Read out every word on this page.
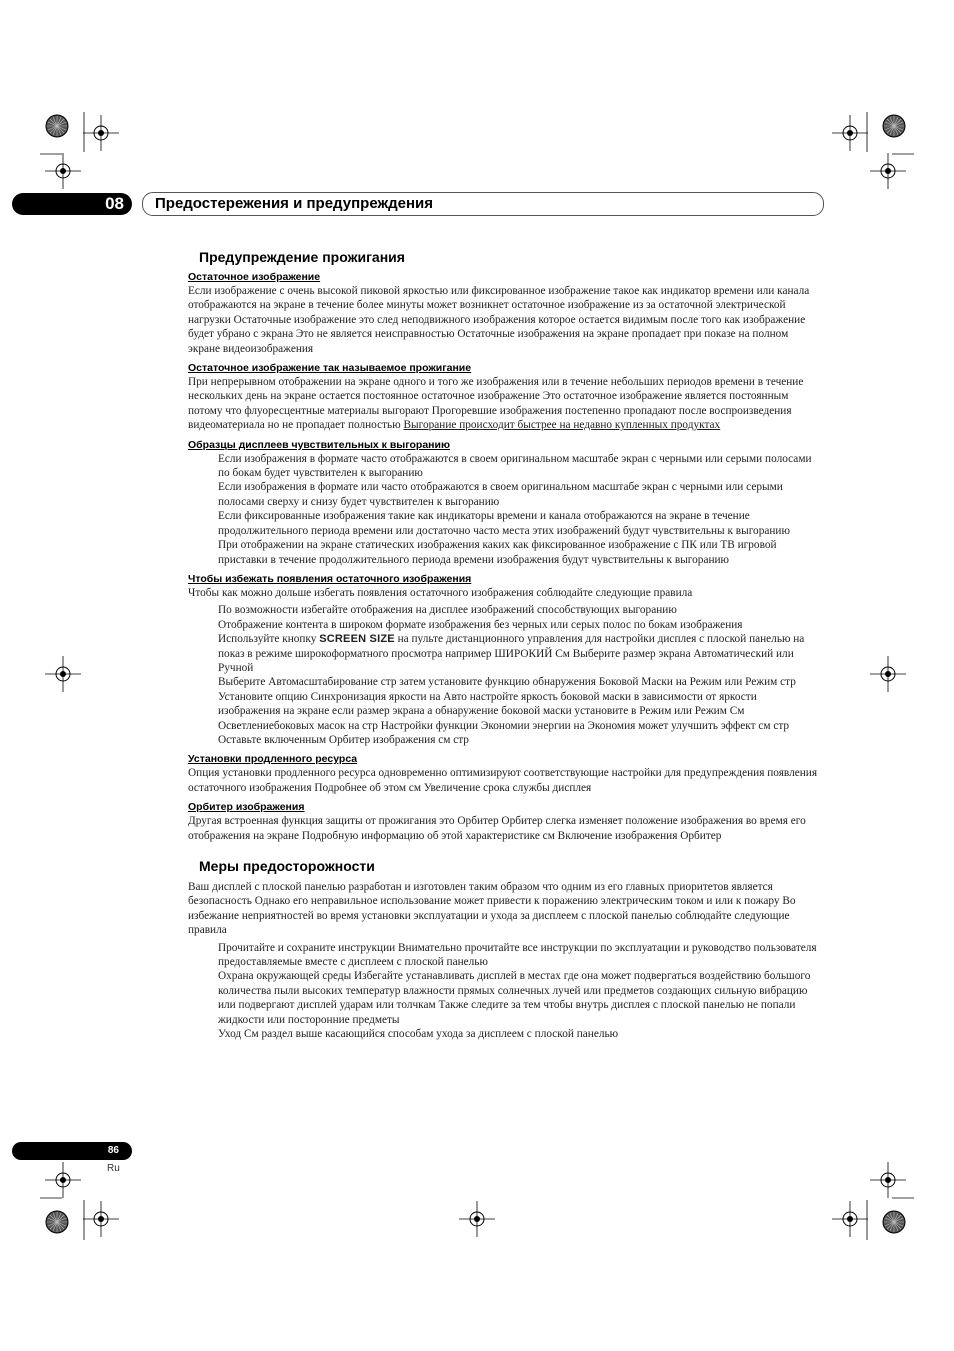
08	Предостережения и предупреждения
Предупреждение прожигания
Остаточное изображение

Если изображение с очень высокой пиковой яркостью или фиксированное изображение такое как индикатор времени или канала отображаются на экране в течение более минуты может возникнет остаточное изображение из за остаточной электрической нагрузки Остаточные изображение это след неподвижного изображения которое остается видимым после того как изображение будет убрано с экрана Это не является неисправностью Остаточные изображения на экране пропадает при показе на полном экране видеоизображения

Остаточное изображение так называемое прожигание

При непрерывном отображении на экране одного и того же изображения или в течение небольших периодов времени в течение нескольких день на экране остается постоянное остаточное изображение Это остаточное изображение является постоянным потому что флуоресцентные материалы выгорают Прогоревшие изображения постепенно пропадают после воспроизведения видеоматериала но не пропадает полностью Выгорание происходит быстрее на недавно купленных продуктах

Образцы дисплеев чувствительных к выгоранию

Если изображения в формате часто отображаются в своем оригинальном масштабе экран с черными или серыми полосами по бокам будет чувствителен к выгоранию

Если изображения в формате или часто отображаются в своем оригинальном масштабе экран с черными или серыми полосами сверху и снизу будет чувствителен к выгоранию

Если фиксированные изображения такие как индикаторы времени и канала отображаются на экране в течение продолжительного периода времени или достаточно часто места этих изображений будут чувствительны к выгоранию

При отображении на экране статических изображения каких как фиксированное изображение с ПК или ТВ игровой приставки в течение продолжительного периода времени изображения будут чувствительны к выгоранию

Чтобы избежать появления остаточного изображения

Чтобы как можно дольше избегать появления остаточного изображения соблюдайте следующие правила

По возможности избегайте отображения на дисплее изображений способствующих выгоранию

Отображение контента в широком формате изображения без черных или серых полос по бокам изображения

Используйте кнопку SCREEN SIZE на пульте дистанционного управления для настройки дисплея с плоской панелью на показ в режиме широкоформатного просмотра например ШИРОКИЙ См Выберите размер экрана Автоматический или Ручной

Выберите Автомасштабирование стр затем установите функцию обнаружения Боковой Маски на Режим или Режим стр

Установите опцию Синхронизация яркости на Авто настройте яркость боковой маски в зависимости от яркости изображения на экране если размер экрана а обнаружение боковой маски установите в Режим или Режим См Осветлениебоковых масок на стр Настройки функции Экономии энергии на Экономия может улучшить эффект см стр

Оставьте включенным Орбитер изображения см стр

Установки продленного ресурса

Опция установки продленного ресурса одновременно оптимизируют соответствующие настройки для предупреждения появления остаточного изображения Подробнее об этом см Увеличение срока службы дисплея

Орбитер изображения

Другая встроенная функция защиты от прожигания это Орбитер Орбитер слегка изменяет положение изображения во время его отображения на экране Подробную информацию об этой характеристике см Включение изображения Орбитер

Меры предосторожности

Ваш дисплей с плоской панелью разработан и изготовлен таким образом что одним из его главных приоритетов является безопасность Однако его неправильное использование может привести к поражению электрическим током и или к пожару Во избежание неприятностей во время установки эксплуатации и ухода за дисплеем с плоской панелью соблюдайте следующие правила

Прочитайте и сохраните инструкции Внимательно прочитайте все инструкции по эксплуатации и руководство пользователя предоставляемые вместе с дисплеем с плоской панелью

Охрана окружающей среды Избегайте устанавливать дисплей в местах где она может подвергаться воздействию большого количества пыли высоких температур влажности прямых солнечных лучей или предметов создающих сильную вибрацию или подвергают дисплей ударам или толчкам Также следите за тем чтобы внутрь дисплея с плоской панелью не попали жидкости или посторонние предметы

Уход См раздел выше касающийся способам ухода за дисплеем с плоской панелью

86
Ru
